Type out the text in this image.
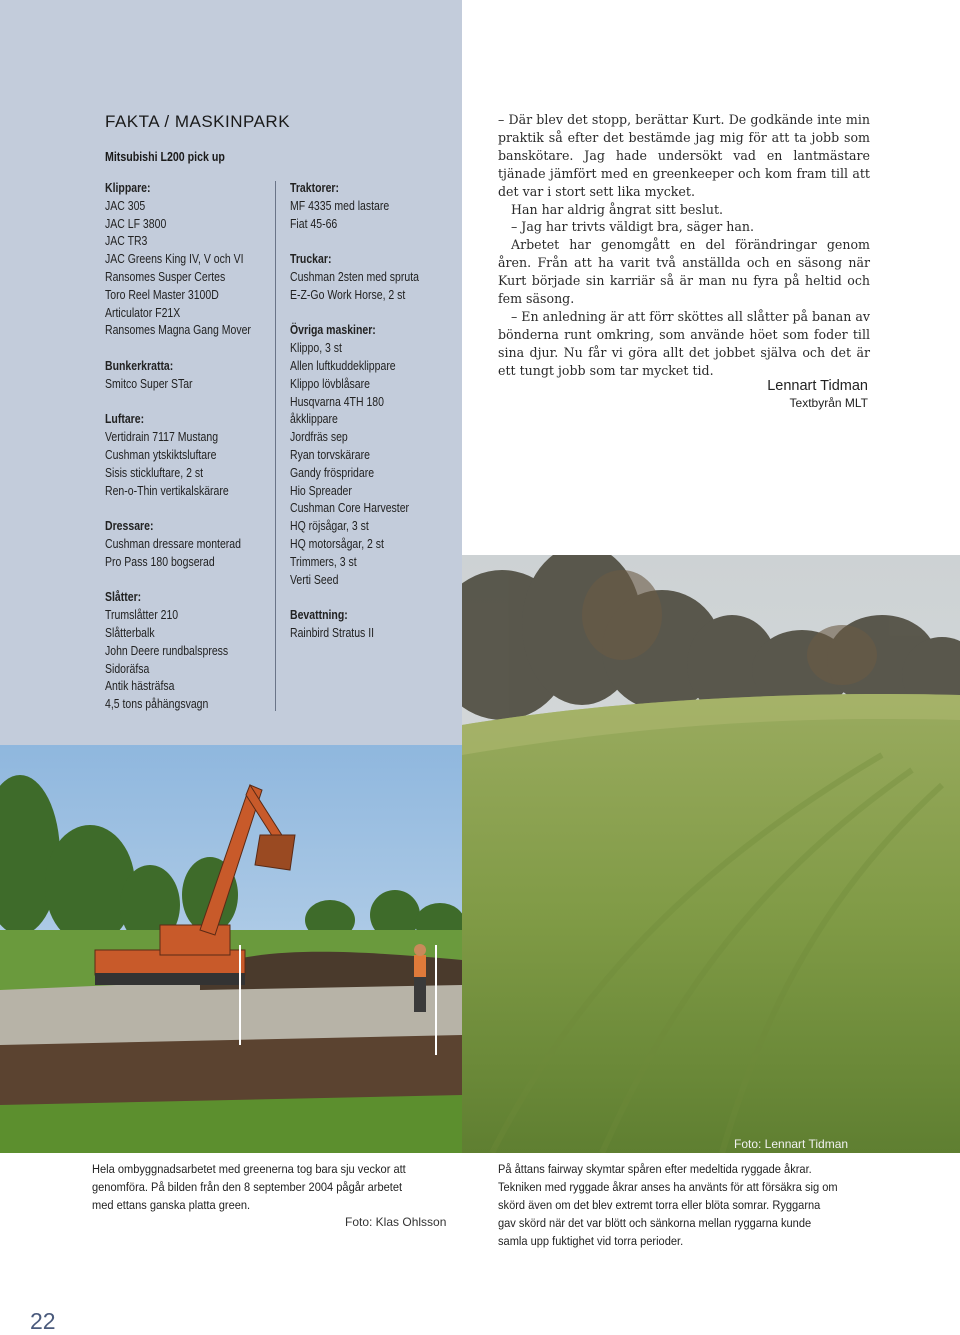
FAKTA / MASKINPARK
Mitsubishi L200 pick up
Klippare:
JAC 305
JAC LF 3800
JAC TR3
JAC Greens King IV, V och VI
Ransomes Susper Certes
Toro Reel Master 3100D
Articulator F21X
Ransomes Magna Gang Mover
Bunkerkratta:
Smitco Super STar
Luftare:
Vertidrain 7117 Mustang
Cushman ytskiktsluftare
Sisis stickluftare, 2 st
Ren-o-Thin vertikalskärare
Dressare:
Cushman dressare monterad
Pro Pass 180 bogserad
Slåtter:
Trumslåtter 210
Slåtterbalk
John Deere rundbalspress
Sidoräfsa
Antik hästräfsa
4,5 tons påhängsvagn
Traktorer:
MF 4335 med lastare
Fiat 45-66
Truckar:
Cushman 2sten med spruta
E-Z-Go Work Horse, 2 st
Övriga maskiner:
Klippo, 3 st
Allen luftkuddeklippare
Klippo lövblåsare
Husqvarna 4TH 180
åkklippare
Jordfräs sep
Ryan torvskärare
Gandy fröspridare
Hio Spreader
Cushman Core Harvester
HQ röjsågar, 3 st
HQ motorsågar, 2 st
Trimmers, 3 st
Verti Seed
Bevattning:
Rainbird Stratus II

– Där blev det stopp, berättar Kurt. De godkände inte min praktik så efter det bestämde jag mig för att ta jobb som banskötare. Jag hade undersökt vad en lantmästare tjänade jämfört med en greenkeeper och kom fram till att det var i stort sett lika mycket.

Han har aldrig ångrat sitt beslut.

– Jag har trivts väldigt bra, säger han.

Arbetet har genomgått en del förändringar genom åren. Från att ha varit två anställda och en säsong när Kurt började sin karriär så är man nu fyra på heltid och fem säsong.

– En anledning är att förr sköttes all slåtter på banan av bönderna runt omkring, som använde höet som foder till sina djur. Nu får vi göra allt det jobbet själva och det är ett tungt jobb som tar mycket tid.

Lennart Tidman
Textbyrån MLT
Hela ombyggnadsarbetet med greenerna tog bara sju veckor att genomföra. På bilden från den 8 september 2004 pågår arbetet med ettans ganska platta green.
Foto: Klas Ohlsson
Foto: Lennart Tidman
På åttans fairway skymtar spåren efter medeltida ryggade åkrar. Tekniken med ryggade åkrar anses ha använts för att försäkra sig om skörd även om det blev extremt torra eller blöta somrar. Ryggarna gav skörd när det var blött och sänkorna mellan ryggarna kunde samla upp fuktighet vid torra perioder.
22
